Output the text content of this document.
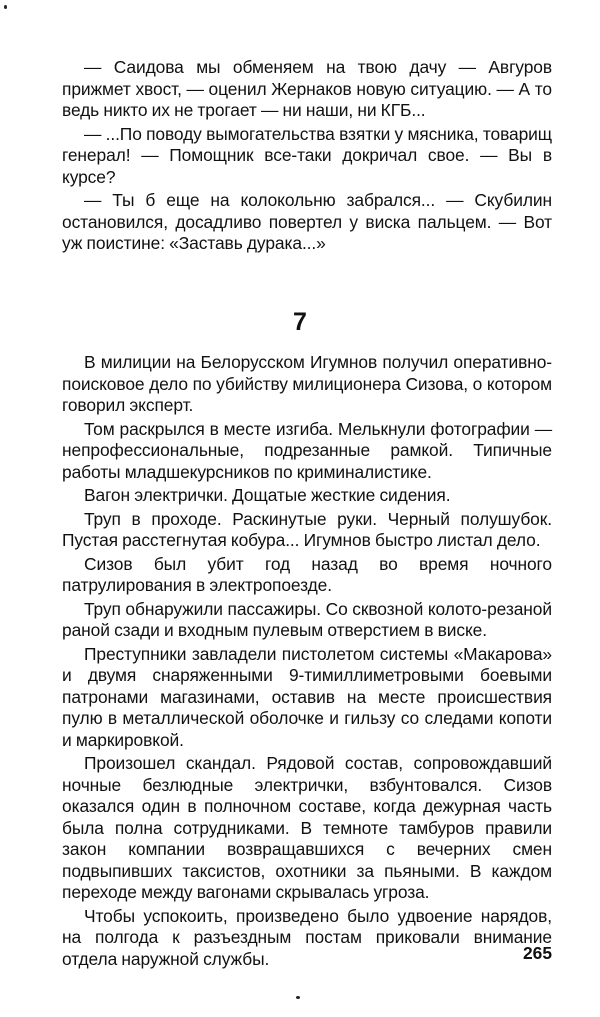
— Саидова мы обменяем на твою дачу — Авгуров прижмет хвост, — оценил Жернаков новую ситуацию. — А то ведь никто их не трогает — ни наши, ни КГБ...

— ...По поводу вымогательства взятки у мясника, товарищ генерал! — Помощник все-таки докричал свое. — Вы в курсе?

— Ты б еще на колокольню забрался... — Скубилин остановился, досадливо повертел у виска пальцем. — Вот уж поистине: «Заставь дурака...»

7

В милиции на Белорусском Игумнов получил оперативно-поисковое дело по убийству милиционера Сизова, о котором говорил эксперт.

Том раскрылся в месте изгиба. Мелькнули фотографии — непрофессиональные, подрезанные рамкой. Типичные работы младшекурсников по криминалистике.

Вагон электрички. Дощатые жесткие сидения.

Труп в проходе. Раскинутые руки. Черный полушубок. Пустая расстегнутая кобура... Игумнов быстро листал дело.

Сизов был убит год назад во время ночного патрулирования в электропоезде.

Труп обнаружили пассажиры. Со сквозной колото-резаной раной сзади и входным пулевым отверстием в виске.

Преступники завладели пистолетом системы «Макарова» и двумя снаряженными 9-тимиллиметровыми боевыми патронами магазинами, оставив на месте происшествия пулю в металлической оболочке и гильзу со следами копоти и маркировкой.

Произошел скандал. Рядовой состав, сопровождавший ночные безлюдные электрички, взбунтовался. Сизов оказался один в полночном составе, когда дежурная часть была полна сотрудниками. В темноте тамбуров правили закон компании возвращавшихся с вечерних смен подвыпивших таксистов, охотники за пьяными. В каждом переходе между вагонами скрывалась угроза.

Чтобы успокоить, произведено было удвоение нарядов, на полгода к разъездным постам приковали внимание отдела наружной службы.	265
